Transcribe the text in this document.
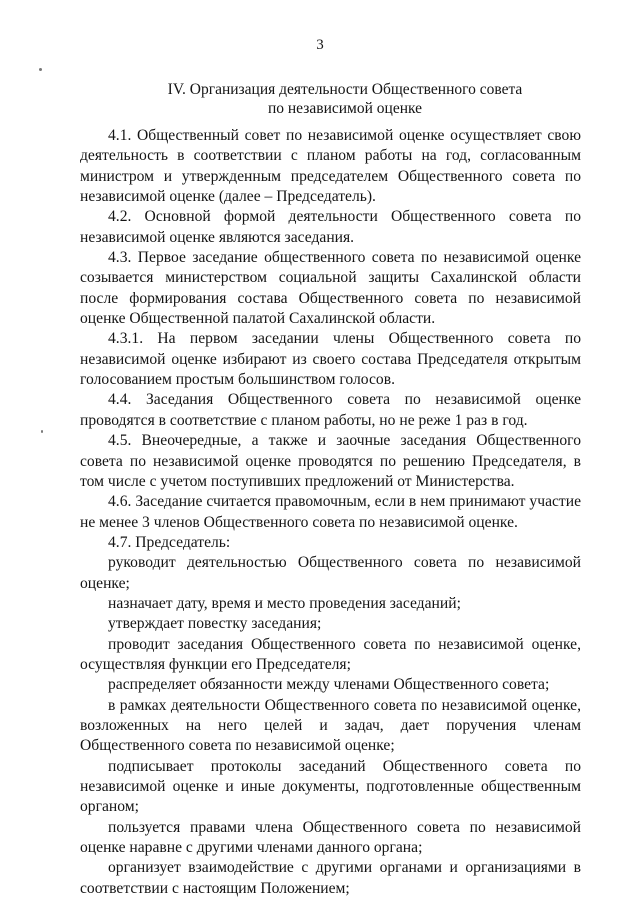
3
IV. Организация деятельности Общественного совета
по независимой оценке

4.1. Общественный совет по независимой оценке осуществляет свою деятельность в соответствии с планом работы на год, согласованным министром и утвержденным председателем Общественного совета по независимой оценке (далее – Председатель).

4.2. Основной формой деятельности Общественного совета по независимой оценке являются заседания.

4.3. Первое заседание общественного совета по независимой оценке созывается министерством социальной защиты Сахалинской области после формирования состава Общественного совета по независимой оценке Общественной палатой Сахалинской области.

4.3.1. На первом заседании члены Общественного совета по независимой оценке избирают из своего состава Председателя открытым голосованием простым большинством голосов.

4.4. Заседания Общественного совета по независимой оценке проводятся в соответствие с планом работы, но не реже 1 раз в год.

4.5. Внеочередные, а также и заочные заседания Общественного совета по независимой оценке проводятся по решению Председателя, в том числе с учетом поступивших предложений от Министерства.

4.6. Заседание считается правомочным, если в нем принимают участие не менее 3 членов Общественного совета по независимой оценке.

4.7. Председатель:

руководит деятельностью Общественного совета по независимой оценке;

назначает дату, время и место проведения заседаний;

утверждает повестку заседания;

проводит заседания Общественного совета по независимой оценке, осуществляя функции его Председателя;

распределяет обязанности между членами Общественного совета;

в рамках деятельности Общественного совета по независимой оценке, возложенных на него целей и задач, дает поручения членам Общественного совета по независимой оценке;

подписывает протоколы заседаний Общественного совета по независимой оценке и иные документы, подготовленные общественным органом;

пользуется правами члена Общественного совета по независимой оценке наравне с другими членами данного органа;

организует взаимодействие с другими органами и организациями в соответствии с настоящим Положением;
